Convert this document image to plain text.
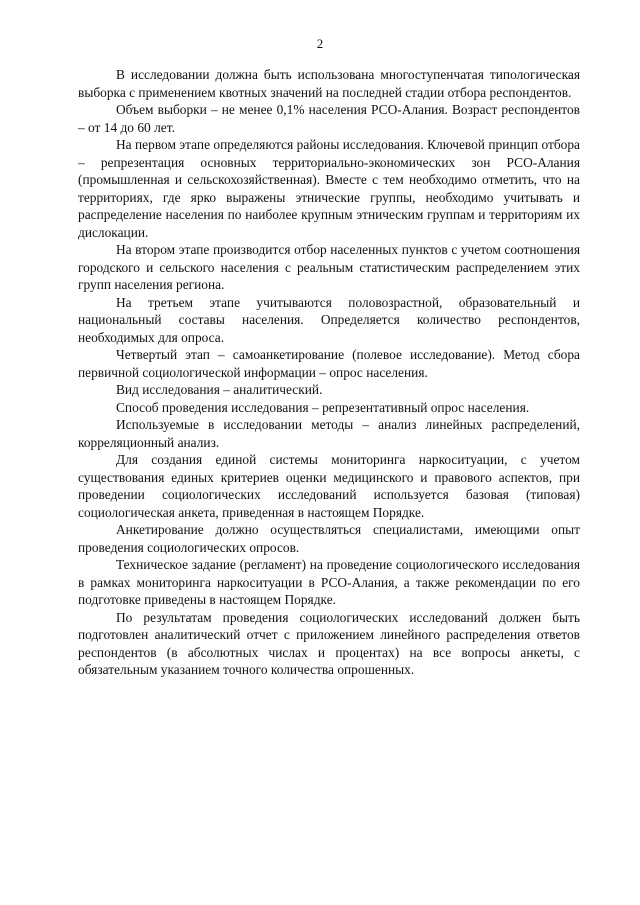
2

В исследовании должна быть использована многоступенчатая типологическая выборка с применением квотных значений на последней стадии отбора респондентов.

Объем выборки – не менее 0,1% населения РСО-Алания. Возраст респондентов – от 14 до 60 лет.

На первом этапе определяются районы исследования. Ключевой принцип отбора – репрезентация основных территориально-экономических зон РСО-Алания (промышленная и сельскохозяйственная). Вместе с тем необходимо отметить, что на территориях, где ярко выражены этнические группы, необходимо учитывать и распределение населения по наиболее крупным этническим группам и территориям их дислокации.

На втором этапе производится отбор населенных пунктов с учетом соотношения городского и сельского населения с реальным статистическим распределением этих групп населения региона.

На третьем этапе учитываются половозрастной, образовательный и национальный составы населения. Определяется количество респондентов, необходимых для опроса.

Четвертый этап – самоанкетирование (полевое исследование). Метод сбора первичной социологической информации – опрос населения.

Вид исследования – аналитический.

Способ проведения исследования – репрезентативный опрос населения.

Используемые в исследовании методы – анализ линейных распределений, корреляционный анализ.

Для создания единой системы мониторинга наркоситуации, с учетом существования единых критериев оценки медицинского и правового аспектов, при проведении социологических исследований используется базовая (типовая) социологическая анкета, приведенная в настоящем Порядке.

Анкетирование должно осуществляться специалистами, имеющими опыт проведения социологических опросов.

Техническое задание (регламент) на проведение социологического исследования в рамках мониторинга наркоситуации в РСО-Алания, а также рекомендации по его подготовке приведены в настоящем Порядке.

По результатам проведения социологических исследований должен быть подготовлен аналитический отчет с приложением линейного распределения ответов респондентов (в абсолютных числах и процентах) на все вопросы анкеты, с обязательным указанием точного количества опрошенных.
